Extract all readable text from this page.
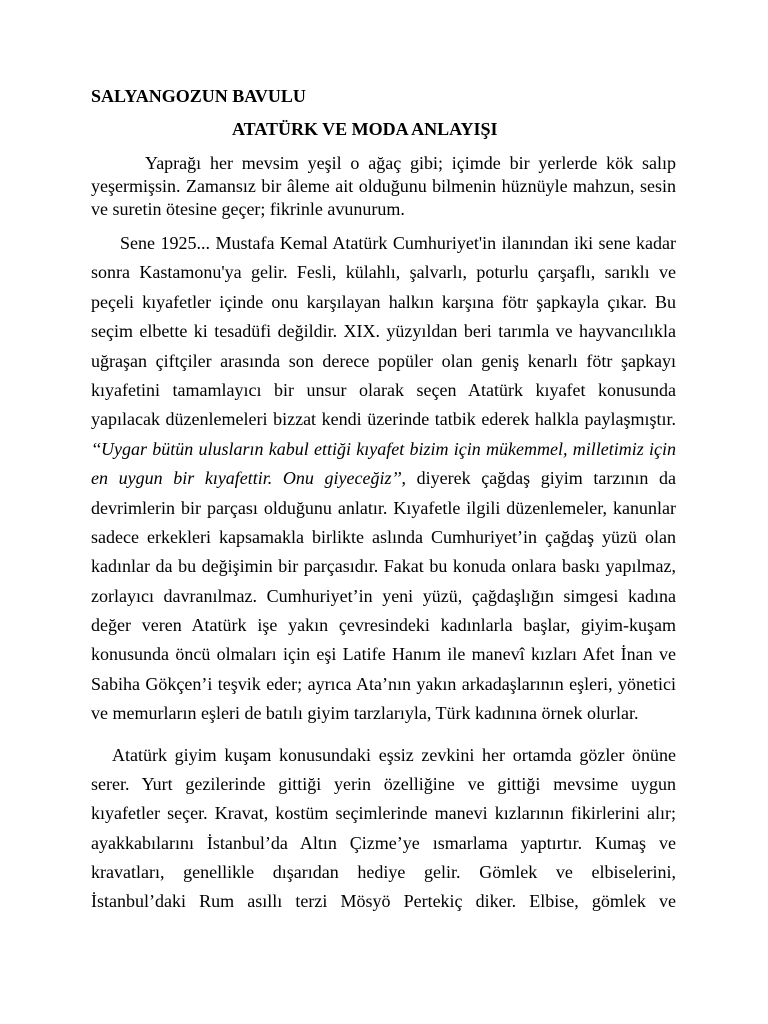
SALYANGOZUN BAVULU
ATATÜRK VE MODA ANLAYIŞI
Yaprağı her mevsim yeşil o ağaç gibi; içimde bir yerlerde kök salıp
yeşermişsin. Zamansız bir âleme ait olduğunu bilmenin hüznüyle mahzun, sesin
ve suretin ötesine geçer; fikrinle avunurum.
Sene 1925... Mustafa Kemal Atatürk Cumhuriyet'in ilanından iki sene kadar
sonra Kastamonu'ya gelir. Fesli, külahlı, şalvarlı, poturlu çarşaflı, sarıklı ve
peçeli kıyafetler içinde onu karşılayan halkın karşına fötr şapkayla çıkar. Bu
seçim elbette ki tesadüfi değildir. XIX. yüzyıldan beri tarımla ve hayvancılıkla
uğraşan çiftçiler arasında son derece popüler olan geniş kenarlı fötr şapkayı
kıyafetini tamamlayıcı bir unsur olarak seçen Atatürk kıyafet konusunda
yapılacak düzenlemeleri bizzat kendi üzerinde tatbik ederek halkla paylaşmıştır.
‘‘Uygar bütün ulusların kabul ettiği kıyafet bizim için mükemmel, milletimiz için
en uygun bir kıyafettir. Onu giyeceğiz’’, diyerek çağdaş giyim tarzının da
devrimlerin bir parçası olduğunu anlatır. Kıyafetle ilgili düzenlemeler, kanunlar
sadece erkekleri kapsamakla birlikte aslında Cumhuriyet’in çağdaş yüzü olan
kadınlar da bu değişimin bir parçasıdır. Fakat bu konuda onlara baskı yapılmaz,
zorlayıcı davranılmaz. Cumhuriyet’in yeni yüzü, çağdaşlığın simgesi kadına
değer veren Atatürk işe yakın çevresindeki kadınlarla başlar, giyim-kuşam
konusunda öncü olmaları için eşi Latife Hanım ile manevî kızları Afet İnan ve
Sabiha Gökçen’i teşvik eder; ayrıca Ata’nın yakın arkadaşlarının eşleri, yönetici
ve memurların eşleri de batılı giyim tarzlarıyla, Türk kadınına örnek olurlar.
Atatürk giyim kuşam konusundaki eşsiz zevkini her ortamda gözler önüne
serer. Yurt gezilerinde gittiği yerin özelliğine ve gittiği mevsime uygun
kıyafetler seçer. Kravat, kostüm seçimlerinde manevi kızlarının fikirlerini alır;
ayakkabılarını İstanbul’da Altın Çizme’ye ısmarlama yaptırtır. Kumaş ve
kravatları, genellikle dışarıdan hediye gelir. Gömlek ve elbiselerini,
İstanbul’daki Rum asıllı terzi Mösyö Pertekiç diker. Elbise, gömlek ve
